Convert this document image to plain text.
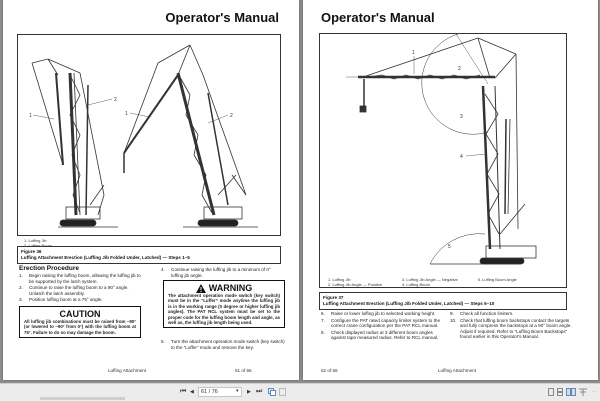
Operator's Manual
1
2
1	2
1. Luffing Jib
Figure 36
Luffing Attachment Erection (Luffing Jib Folded Under, Latched) — Steps 1–5
Erection Procedure
1.	Begin raising the luffing boom, allowing the luffing jib to be supported by the latch system.
2.	Continue to raise the luffing boom to a 90° angle. Unlatch the latch assembly.
3.	Position luffing boom at a 75° angle.
CAUTION
All luffing jib combinations must be raised from –90° (or lowered to –90° from 0°) with the luffing boom at 75°. Failure to do so may damage the boom.
4.	Continue raising the luffing jib to a minimum of 0° luffing jib angle.
WARNING
The attachment operation mode switch (key switch) must be in the “Luffer” mode anytime the luffing jib is in the working range (0 degree or higher luffing jib angles). The PAT RCL system must be set to the proper code for the luffing boom length and angle, as well as, the luffing jib length being used.
5.	Turn the attachment operation mode switch (key switch) to the “Luffer” mode and remove the key.
Luffing Attachment	51 of 66
Operator's Manual
1
2
3
4
5
1. Luffing Jib
2. Luffing Jib Angle — Positive
3. Luffing Jib Angle — Negative
4. Luffing Boom
5. Luffing Boom Angle
Figure 37
Luffing Attachment Erection (Luffing Jib Folded Under, Latched) — Steps 6–10
6.	Raise or lower luffing jib to selected working height.
7.	Configure the PAT rated capacity limiter system to the correct crane configuration per the PAT RCL manual.
8.	Check displayed radius at 3 different boom angles against tape measured radius. Refer to RCL manual.
9.	Check all function limiters.
10. Check that luffing boom backstops contact the targets and fully compress the backstops at a 90° boom angle. Adjust if required. Refer to “Luffing Boom Backstops” found earlier in this Operator's Manual.
52 of 66	Luffing Attachment
⏮ ◀	61 / 76	▾ ▶ ⏭	…
